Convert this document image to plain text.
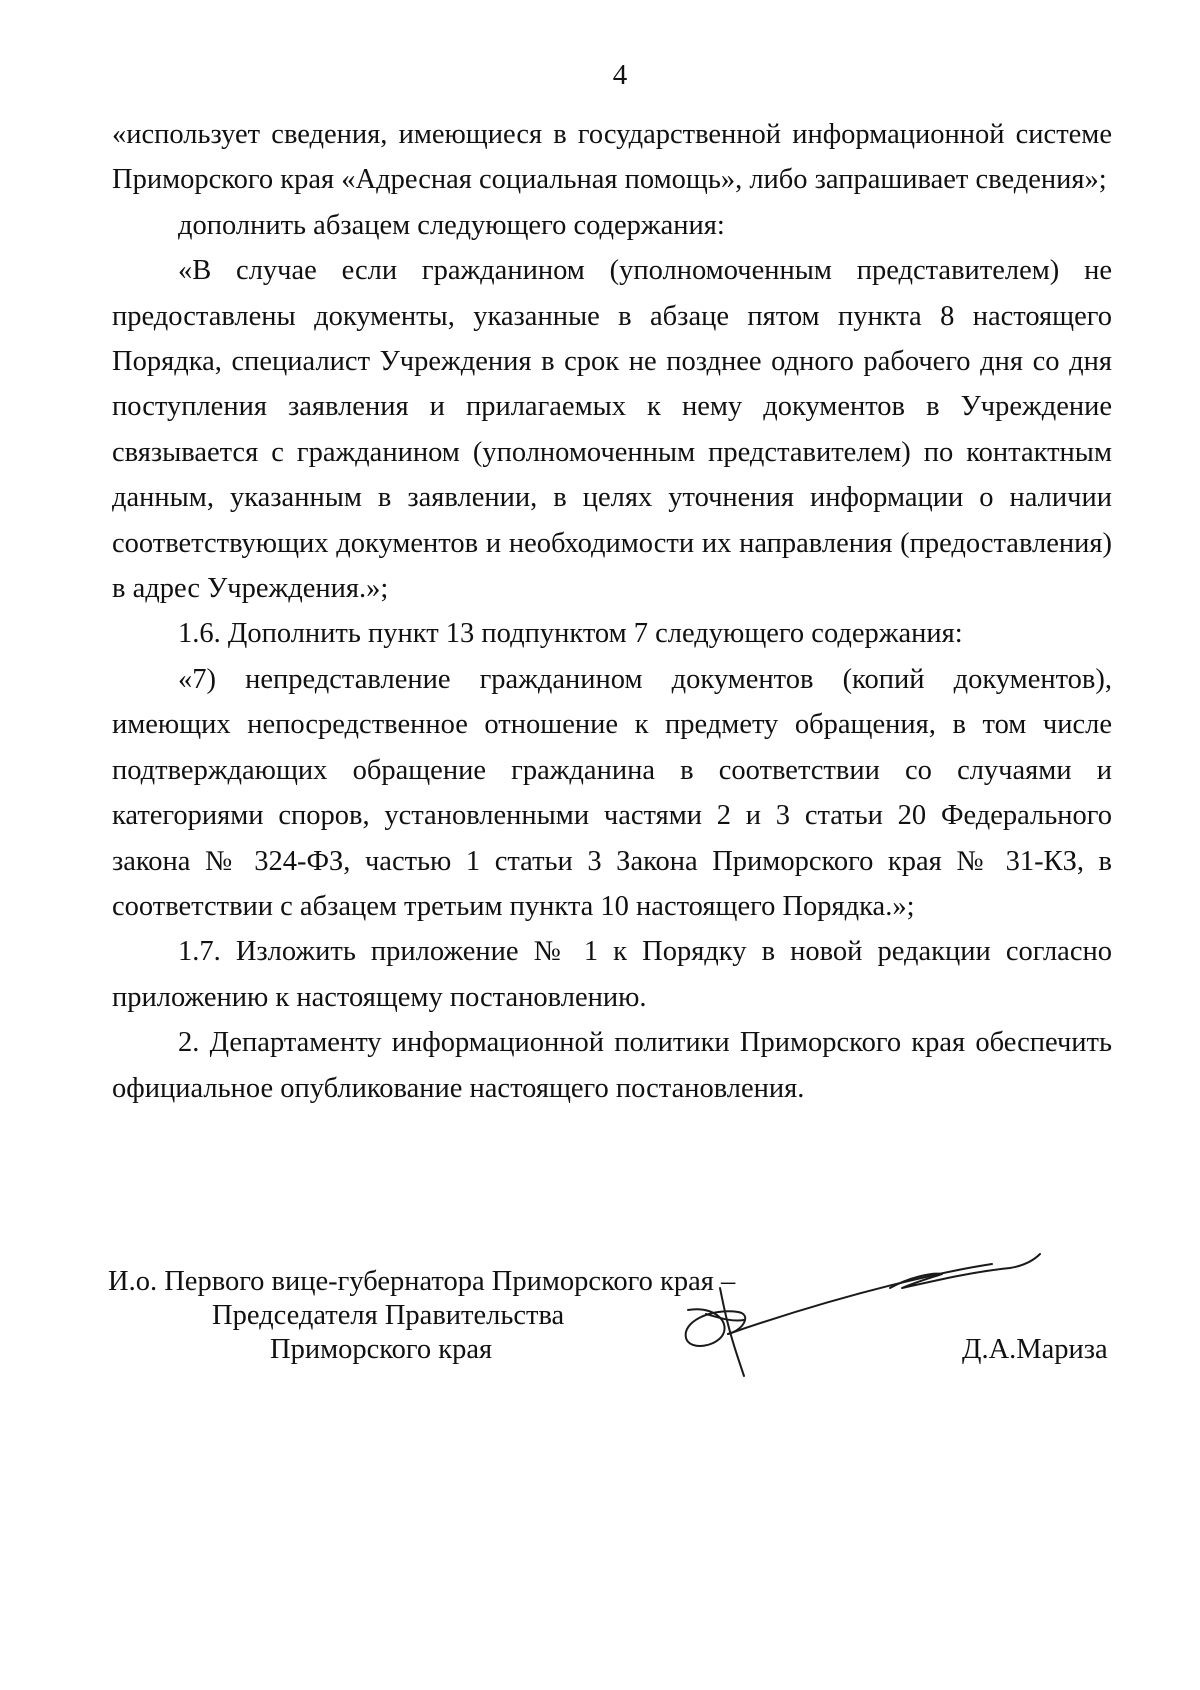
4

«использует сведения, имеющиеся в государственной информационной системе Приморского края «Адресная социальная помощь», либо запрашивает сведения»;

дополнить абзацем следующего содержания:

«В случае если гражданином (уполномоченным представителем) не предоставлены документы, указанные в абзаце пятом пункта 8 настоящего Порядка, специалист Учреждения в срок не позднее одного рабочего дня со дня поступления заявления и прилагаемых к нему документов в Учреждение связывается с гражданином (уполномоченным представителем) по контактным данным, указанным в заявлении, в целях уточнения информации о наличии соответствующих документов и необходимости их направления (предоставления) в адрес Учреждения.»;

1.6. Дополнить пункт 13 подпунктом 7 следующего содержания:

«7) непредставление гражданином документов (копий документов), имеющих непосредственное отношение к предмету обращения, в том числе подтверждающих обращение гражданина в соответствии со случаями и категориями споров, установленными частями 2 и 3 статьи 20 Федерального закона № 324-ФЗ, частью 1 статьи 3 Закона Приморского края № 31-КЗ, в соответствии с абзацем третьим пункта 10 настоящего Порядка.»;

1.7. Изложить приложение № 1 к Порядку в новой редакции согласно приложению к настоящему постановлению.

2. Департаменту информационной политики Приморского края обеспечить официальное опубликование настоящего постановления.

И.о. Первого вице-губернатора Приморского края –
Председателя Правительства
Приморского края	Д.А.Мариза
